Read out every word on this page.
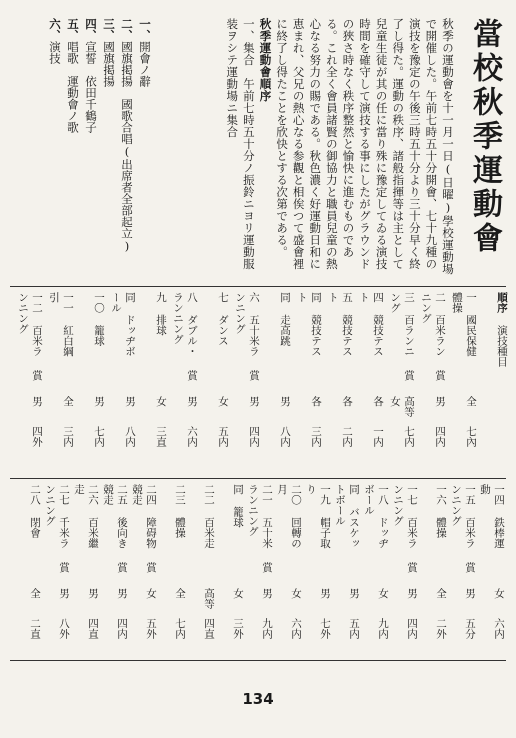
當校秋季運動會
秋季の運動會を十一月一日(日曜)學校運動場で開催した。午前七時五十分開會、七十九種の演技を豫定の午後三時五十分より三十分早く終了し得た。運動の秩序、諸般指揮等は主として兒童生徒が其の任に當り殊に豫定してゐる演技時間を確守して演技する事にしたがグラウンドの狹さ時なく秩序整然と愉快に進むものである。これ全く會員諸賢の御協力と職員兒童の熱心なる努力の賜である。秋色濃く好運動日和に恵まれ、父兄の熱心なる参觀と相俟つて盛會裡に終了し得たことを欣快とする次第である。
秋季運動會順序
一、集合　午前七時五十分ノ振鈴ニヨリ運動服装ヲシテ運動場ニ集合
一、開會ノ辭
二、國旗掲揚　國歌合唱(出席者全部起立)
三、國旗掲揚
四、宣誓　依田千鶴子
五、唱歌　運動會ノ歌
六、演技
順序 演技種目
一 國民保健體操
全
七內
二 百米ランニング
賞
男
四内
三 百ランニング
賞
高等女
七内
四 競技テスト
各
一内
五 競技テスト
各
二内
同 競技テスト
各
三内
同 走高跳
男
八内
六 五十米ランニング
賞
男
四内
七 ダンス
女
五内
八 ダブル・ランニング
賞
男
六内
九 排球
女
三直
同 ドッヂボール
男
八内
一〇 籠球
男
七内
一一 紅白綱引
全
三内
一二 百米ランニング
賞
男
四外
一四 鉄棒運動
女
六内
一五 百米ランニング
賞
男
五分
一六 體操
全
二外
一七 百米ランニング
賞
男
四内
一八 ドッヂボール
女
九内
同 バスケットボール
男
五内
一九 帽子取り
男
七外
二〇 回轉の月
女
六内
二一 五十米ランニング
賞
男
九内
同 籠球
女
三外
二二 百米走
高等
四直
二三 體操
全
七内
二四 障碍物競走
賞
女
五外
二五 後向き競走
賞
男
四内
二六 百米繼走
男
四直
二七 千米ランニング
賞
男
八外
二八 閉會
全
二直
134
